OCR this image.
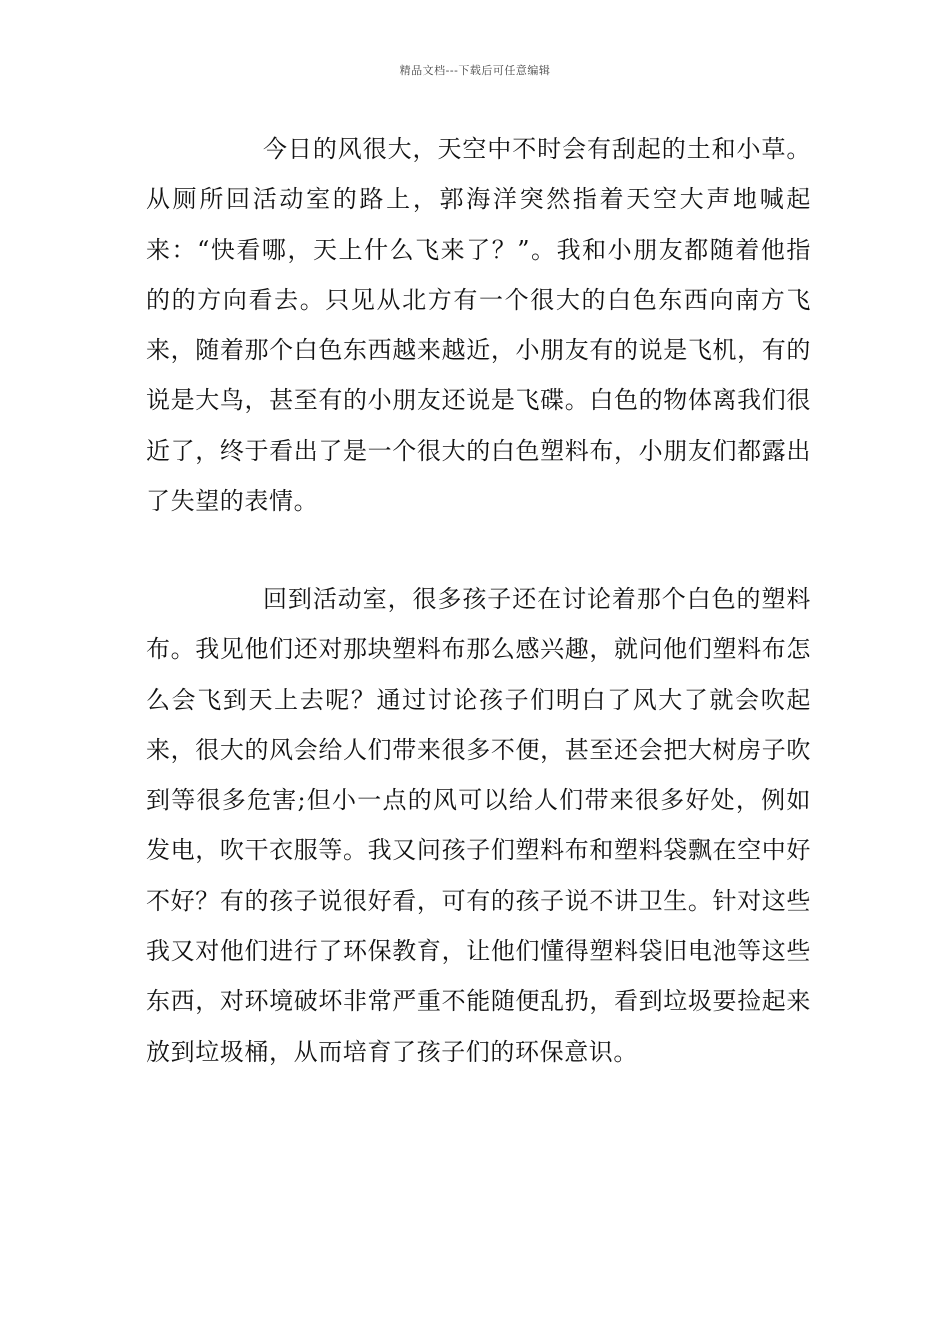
精品文档---下载后可任意编辑

今日的风很大，天空中不时会有刮起的土和小草。从厕所回活动室的路上，郭海洋突然指着天空大声地喊起来：“快看哪，天上什么飞来了？”。我和小朋友都随着他指的的方向看去。只见从北方有一个很大的白色东西向南方飞来，随着那个白色东西越来越近，小朋友有的说是飞机，有的说是大鸟，甚至有的小朋友还说是飞碟。白色的物体离我们很近了，终于看出了是一个很大的白色塑料布，小朋友们都露出了失望的表情。

回到活动室，很多孩子还在讨论着那个白色的塑料布。我见他们还对那块塑料布那么感兴趣，就问他们塑料布怎么会飞到天上去呢？通过讨论孩子们明白了风大了就会吹起来，很大的风会给人们带来很多不便，甚至还会把大树房子吹到等很多危害;但小一点的风可以给人们带来很多好处，例如发电，吹干衣服等。我又问孩子们塑料布和塑料袋飘在空中好不好？有的孩子说很好看，可有的孩子说不讲卫生。针对这些我又对他们进行了环保教育，让他们懂得塑料袋旧电池等这些东西，对环境破坏非常严重不能随便乱扔，看到垃圾要捡起来放到垃圾桶，从而培育了孩子们的环保意识。
